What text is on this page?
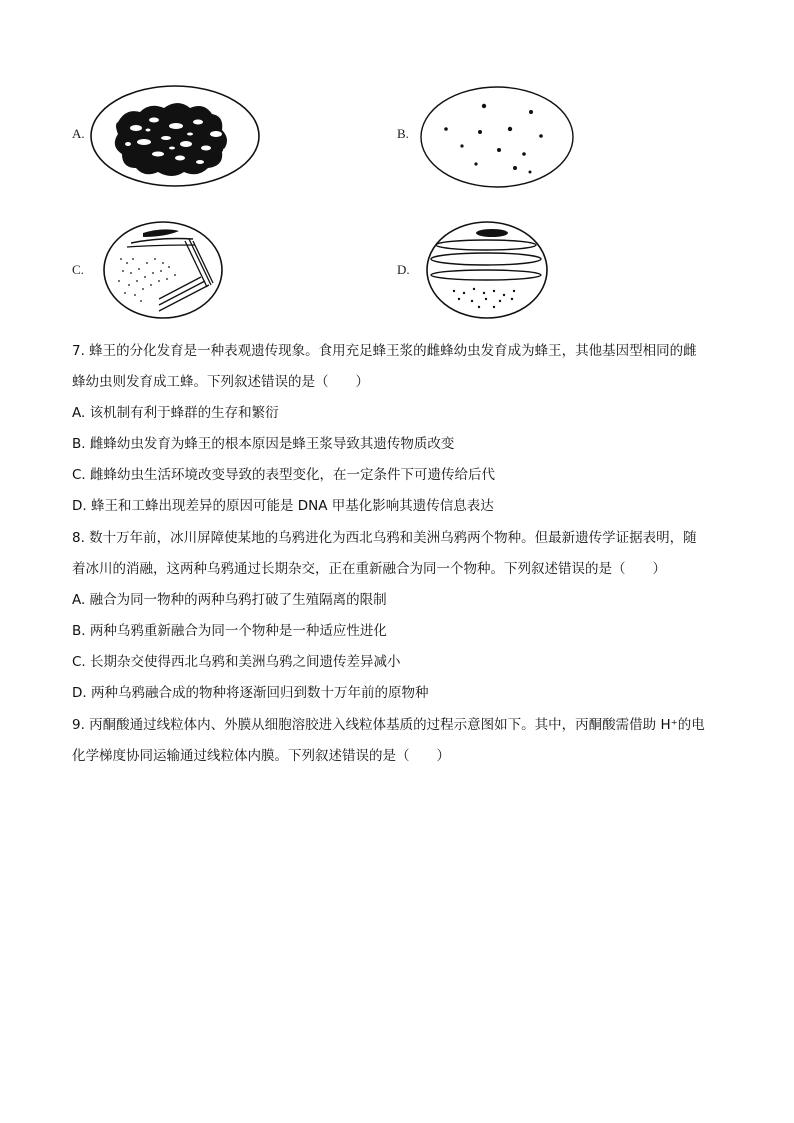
A.	B.
C.	D.
7. 蜂王的分化发育是一种表观遗传现象。食用充足蜂王浆的雌蜂幼虫发育成为蜂王，其他基因型相同的雌
蜂幼虫则发育成工蜂。下列叙述错误的是（　　）
A. 该机制有利于蜂群的生存和繁衍
B. 雌蜂幼虫发育为蜂王的根本原因是蜂王浆导致其遗传物质改变
C. 雌蜂幼虫生活环境改变导致的表型变化，在一定条件下可遗传给后代
D. 蜂王和工蜂出现差异的原因可能是 DNA 甲基化影响其遗传信息表达
8. 数十万年前，冰川屏障使某地的乌鸦进化为西北乌鸦和美洲乌鸦两个物种。但最新遗传学证据表明，随
着冰川的消融，这两种乌鸦通过长期杂交，正在重新融合为同一个物种。下列叙述错误的是（　　）
A. 融合为同一物种的两种乌鸦打破了生殖隔离的限制
B. 两种乌鸦重新融合为同一个物种是一种适应性进化
C. 长期杂交使得西北乌鸦和美洲乌鸦之间遗传差异减小
D. 两种乌鸦融合成的物种将逐渐回归到数十万年前的原物种
9. 丙酮酸通过线粒体内、外膜从细胞溶胶进入线粒体基质的过程示意图如下。其中，丙酮酸需借助 H⁺的电
化学梯度协同运输通过线粒体内膜。下列叙述错误的是（　　）
